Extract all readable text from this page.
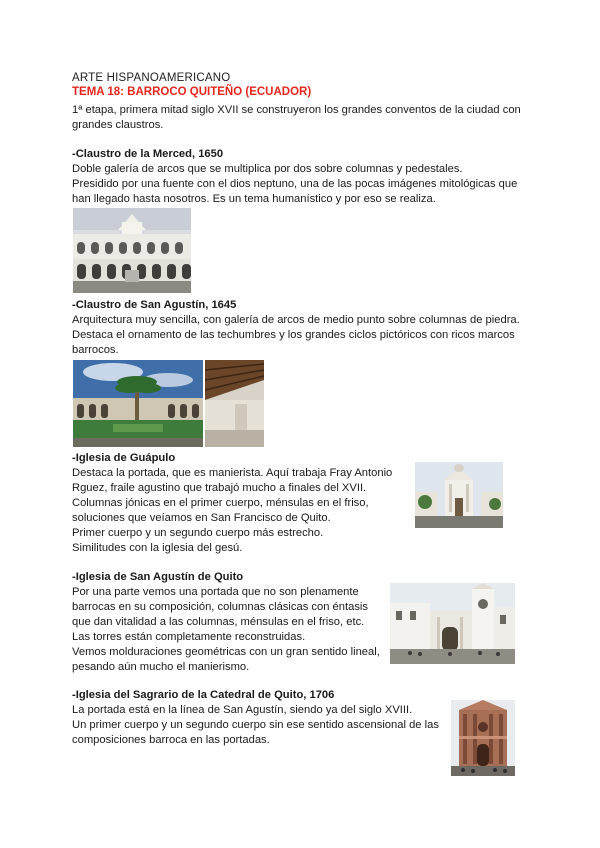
ARTE HISPANOAMERICANO
TEMA 18: BARROCO QUITEÑO (ECUADOR)
1ª etapa, primera mitad siglo XVII se construyeron los grandes conventos de la ciudad con
grandes claustros.
-Claustro de la Merced, 1650
Doble galería de arcos que se multiplica por dos sobre columnas y pedestales.
Presidido por una fuente con el dios neptuno, una de las pocas imágenes mitológicas que
han llegado hasta nosotros. Es un tema humanístico y por eso se realiza.
-Claustro de San Agustín, 1645
Arquitectura muy sencilla, con galería de arcos de medio punto sobre columnas de piedra.
Destaca el ornamento de las techumbres y los grandes ciclos pictóricos con ricos marcos
barrocos.
-Iglesia de Guápulo
Destaca la portada, que es manierista. Aquí trabaja Fray Antonio
Rguez, fraile agustino que trabajó mucho a finales del XVII.
Columnas jónicas en el primer cuerpo, ménsulas en el friso,
soluciones que veíamos en San Francisco de Quito.
Primer cuerpo y un segundo cuerpo más estrecho.
Similitudes con la iglesia del gesú.
-Iglesia de San Agustín de Quito
Por una parte vemos una portada que no son plenamente
barrocas en su composición, columnas clásicas con éntasis
que dan vitalidad a las columnas, ménsulas en el friso, etc.
Las torres están completamente reconstruidas.
Vemos molduraciones geométricas con un gran sentido lineal,
pesando aún mucho el manierismo.
-Iglesia del Sagrario de la Catedral de Quito, 1706
La portada está en la línea de San Agustín, siendo ya del siglo XVIII.
Un primer cuerpo y un segundo cuerpo sin ese sentido ascensional de las
composiciones barroca en las portadas.
